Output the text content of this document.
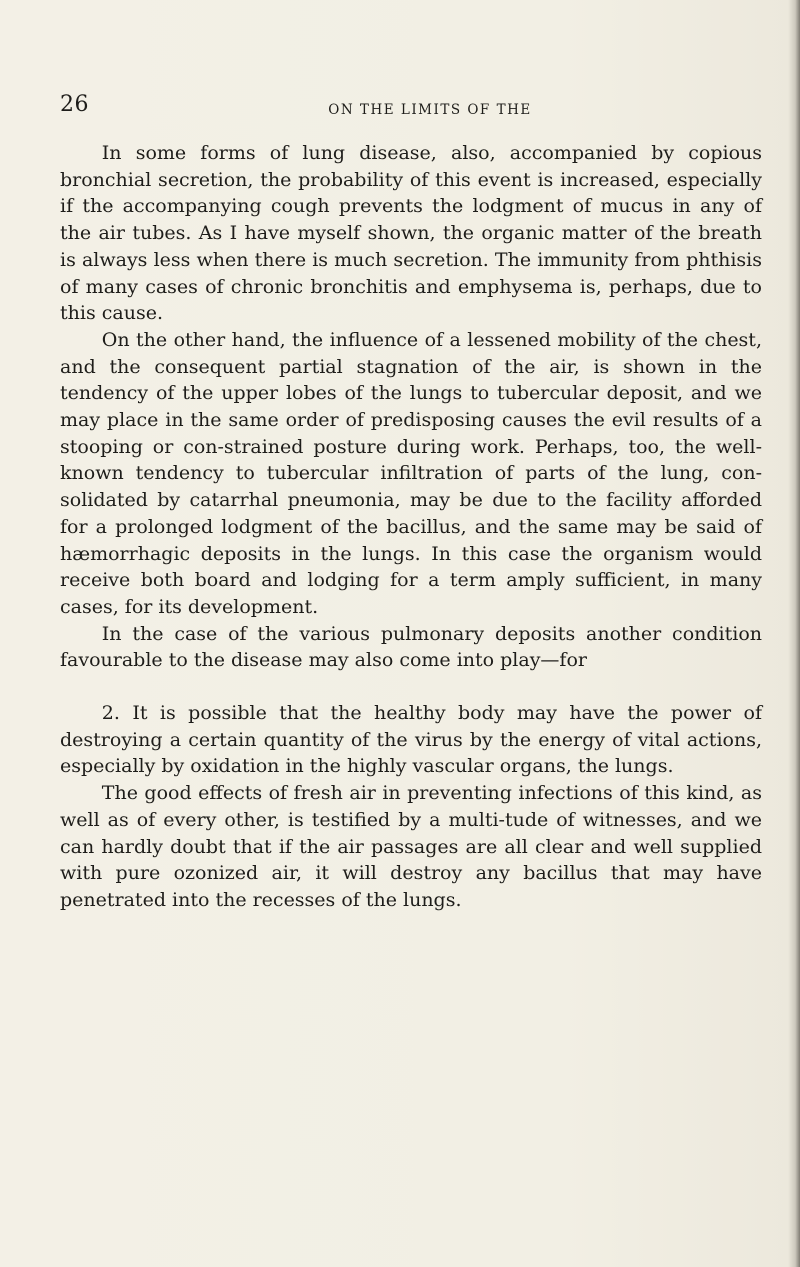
26	ON THE LIMITS OF THE

In some forms of lung disease, also, accompanied by copious bronchial secretion, the probability of this event is increased, especially if the accompanying cough prevents the lodgment of mucus in any of the air tubes. As I have myself shown, the organic matter of the breath is always less when there is much secretion. The immunity from phthisis of many cases of chronic bronchitis and emphysema is, perhaps, due to this cause.

On the other hand, the influence of a lessened mobility of the chest, and the consequent partial stagnation of the air, is shown in the tendency of the upper lobes of the lungs to tubercular deposit, and we may place in the same order of predisposing causes the evil results of a stooping or con-strained posture during work. Perhaps, too, the well-known tendency to tubercular infiltration of parts of the lung, con-solidated by catarrhal pneumonia, may be due to the facility afforded for a prolonged lodgment of the bacillus, and the same may be said of hæmorrhagic deposits in the lungs. In this case the organism would receive both board and lodging for a term amply sufficient, in many cases, for its development.

In the case of the various pulmonary deposits another condition favourable to the disease may also come into play—for

2. It is possible that the healthy body may have the power of destroying a certain quantity of the virus by the energy of vital actions, especially by oxidation in the highly vascular organs, the lungs.

The good effects of fresh air in preventing infections of this kind, as well as of every other, is testified by a multi-tude of witnesses, and we can hardly doubt that if the air passages are all clear and well supplied with pure ozonized air, it will destroy any bacillus that may have penetrated into the recesses of the lungs.
